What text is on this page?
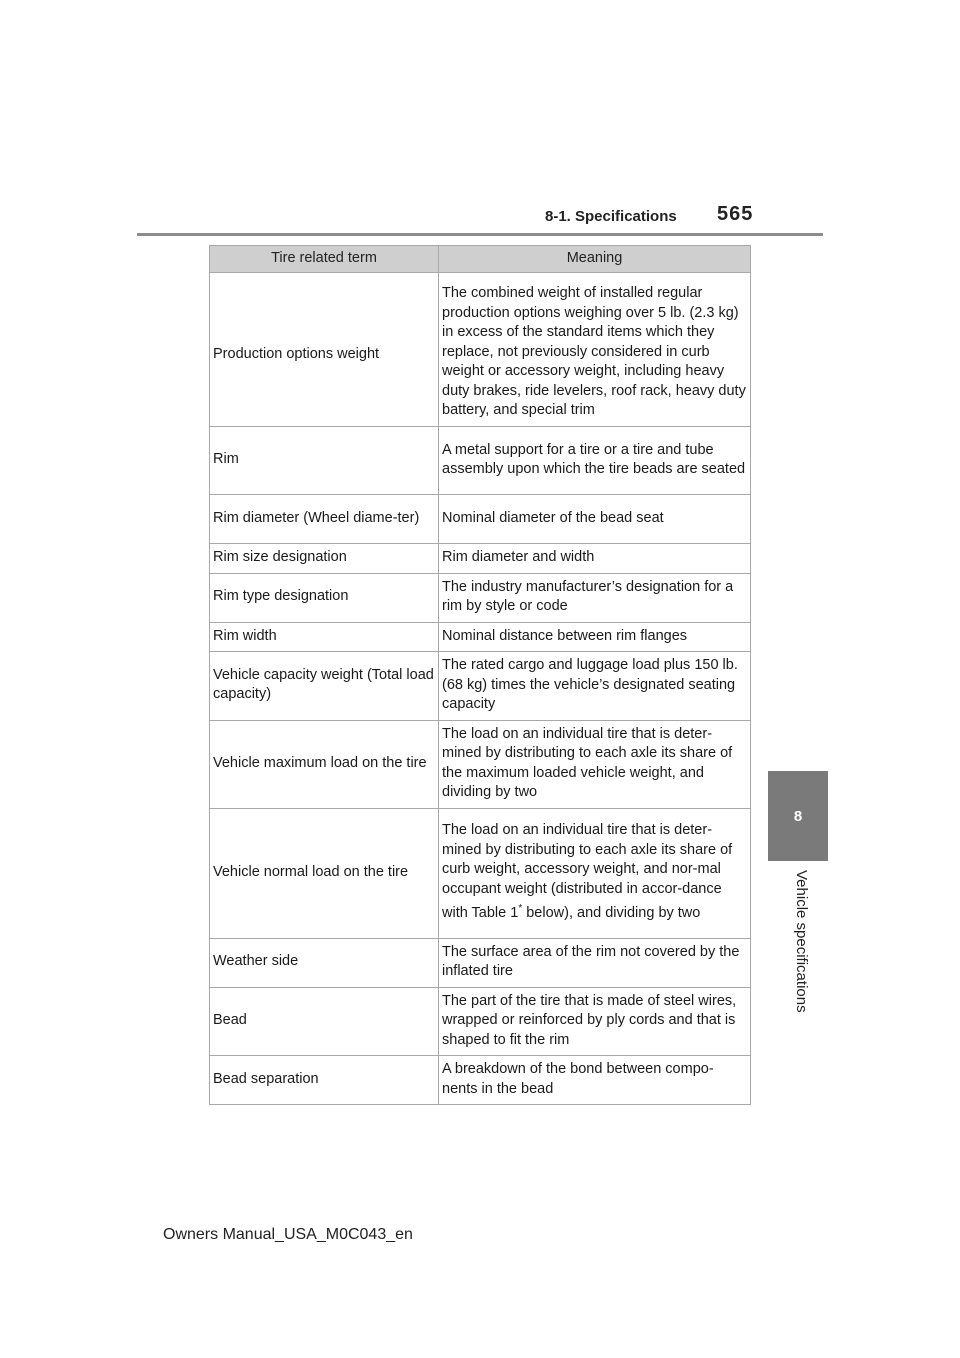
8-1. Specifications 565
8
Vehicle specifications
Tire related term	Meaning

Production options weight	The combined weight of installed regular production options weighing over 5 lb. (2.3 kg) in excess of the standard items which they replace, not previously considered in curb weight or accessory weight, including heavy duty brakes, ride levelers, roof rack, heavy duty battery, and special trim
Rim	A metal support for a tire or a tire and tube assembly upon which the tire beads are seated
Rim diameter (Wheel diame-ter)	Nominal diameter of the bead seat
Rim size designation	Rim diameter and width
Rim type designation	The industry manufacturer’s designation for a rim by style or code
Rim width	Nominal distance between rim flanges
Vehicle capacity weight (Total load capacity)	The rated cargo and luggage load plus 150 lb. (68 kg) times the vehicle’s designated seating capacity
Vehicle maximum load on the tire	The load on an individual tire that is deter-mined by distributing to each axle its share of the maximum loaded vehicle weight, and dividing by two
Vehicle normal load on the tire	The load on an individual tire that is deter-mined by distributing to each axle its share of curb weight, accessory weight, and nor-mal occupant weight (distributed in accor-dance with Table 1* below), and dividing by two
Weather side	The surface area of the rim not covered by the inflated tire
Bead	The part of the tire that is made of steel wires, wrapped or reinforced by ply cords and that is shaped to fit the rim
Bead separation	A breakdown of the bond between compo-nents in the bead
Owners Manual_USA_M0C043_en
